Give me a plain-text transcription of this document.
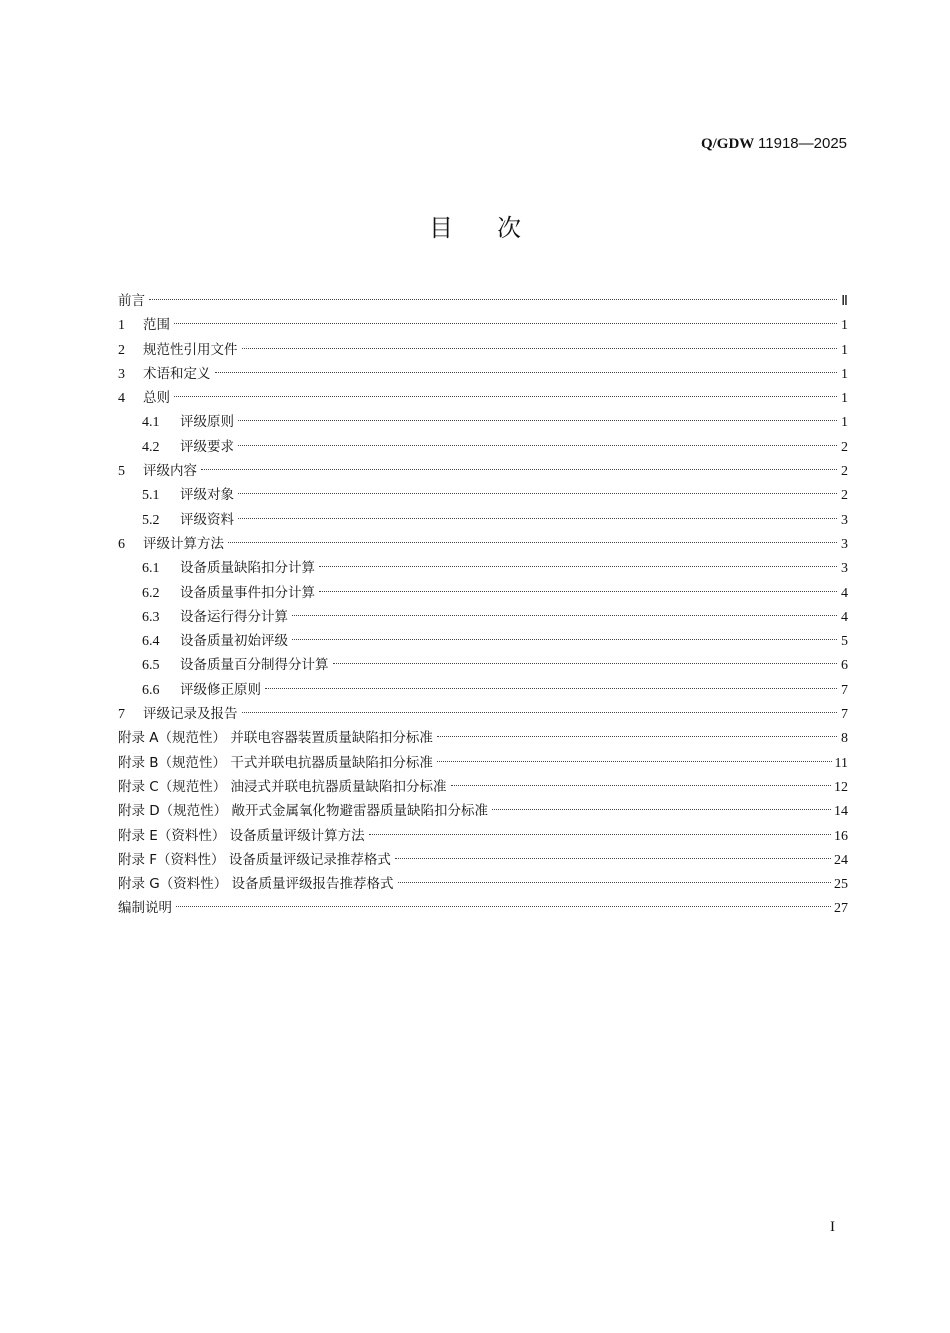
Q/GDW 11918—2025
目 次
前言	Ⅱ
1	范围	1
2	规范性引用文件	1
3	术语和定义	1
4	总则	1
4.1	评级原则	1
4.2	评级要求	2
5	评级内容	2
5.1	评级对象	2
5.2	评级资料	3
6	评级计算方法	3
6.1	设备质量缺陷扣分计算	3
6.2	设备质量事件扣分计算	4
6.3	设备运行得分计算	4
6.4	设备质量初始评级	5
6.5	设备质量百分制得分计算	6
6.6	评级修正原则	7
7	评级记录及报告	7
附录 A（规范性） 并联电容器装置质量缺陷扣分标准	8
附录 B（规范性） 干式并联电抗器质量缺陷扣分标准	11
附录 C（规范性） 油浸式并联电抗器质量缺陷扣分标准	12
附录 D（规范性） 敞开式金属氧化物避雷器质量缺陷扣分标准	14
附录 E（资料性） 设备质量评级计算方法	16
附录 F（资料性） 设备质量评级记录推荐格式	24
附录 G（资料性） 设备质量评级报告推荐格式	25
编制说明	27
I
